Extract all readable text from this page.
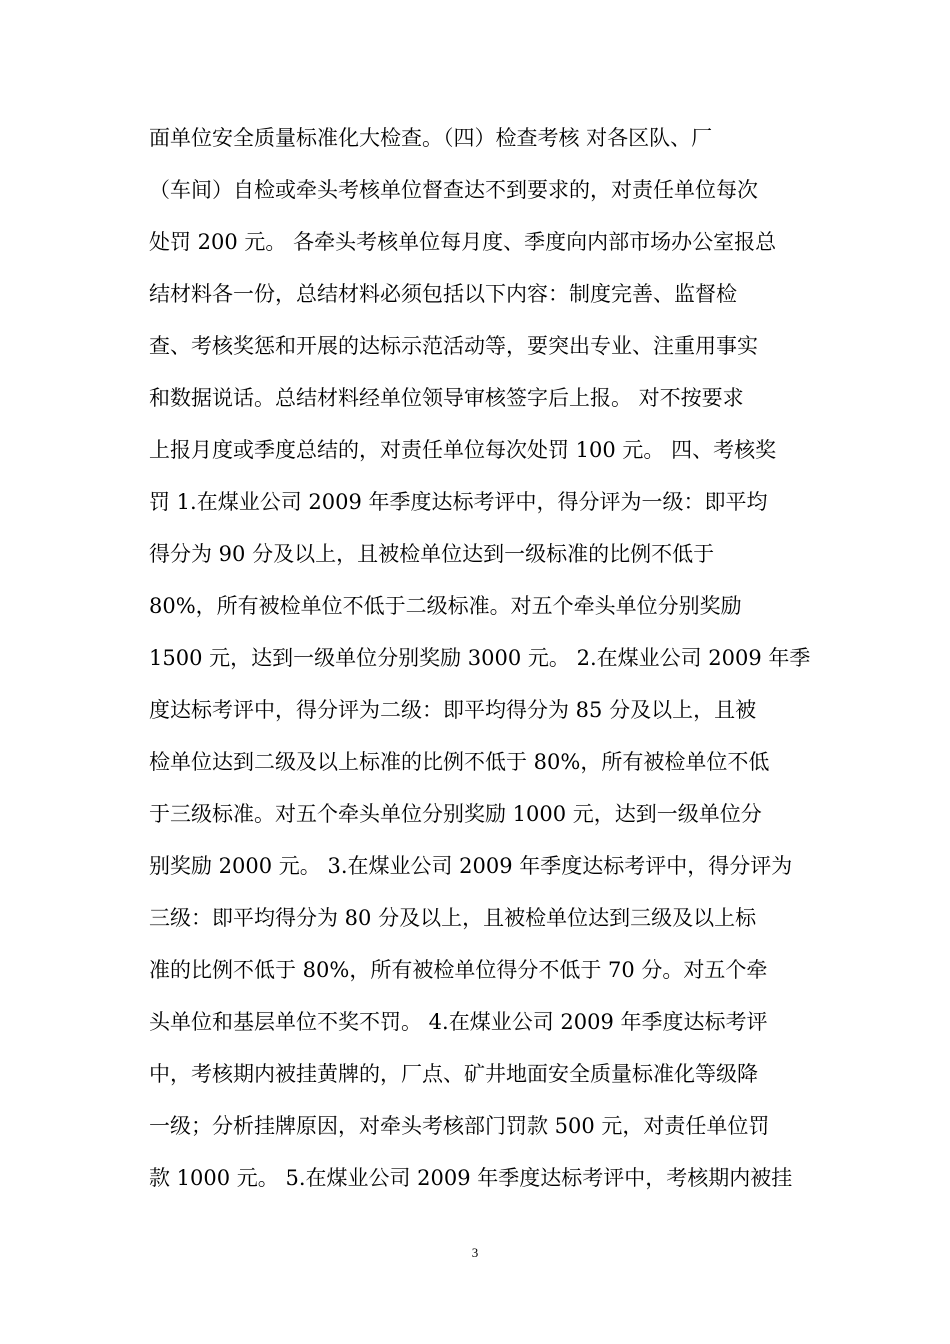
面单位安全质量标准化大检查。（四）检查考核 对各区队、厂
（车间）自检或牵头考核单位督查达不到要求的，对责任单位每次
处罚 200 元。 各牵头考核单位每月度、季度向内部市场办公室报总
结材料各一份，总结材料必须包括以下内容：制度完善、监督检
查、考核奖惩和开展的达标示范活动等，要突出专业、注重用事实
和数据说话。总结材料经单位领导审核签字后上报。 对不按要求
上报月度或季度总结的，对责任单位每次处罚 100 元。 四、考核奖
罚 1.在煤业公司 2009 年季度达标考评中，得分评为一级：即平均
得分为 90 分及以上，且被检单位达到一级标准的比例不低于
80%，所有被检单位不低于二级标准。对五个牵头单位分别奖励
1500 元，达到一级单位分别奖励 3000 元。 2.在煤业公司 2009 年季
度达标考评中，得分评为二级：即平均得分为 85 分及以上，且被
检单位达到二级及以上标准的比例不低于 80%，所有被检单位不低
于三级标准。对五个牵头单位分别奖励 1000 元，达到一级单位分
别奖励 2000 元。 3.在煤业公司 2009 年季度达标考评中，得分评为
三级：即平均得分为 80 分及以上，且被检单位达到三级及以上标
准的比例不低于 80%，所有被检单位得分不低于 70 分。对五个牵
头单位和基层单位不奖不罚。 4.在煤业公司 2009 年季度达标考评
中，考核期内被挂黄牌的，厂点、矿井地面安全质量标准化等级降
一级；分析挂牌原因，对牵头考核部门罚款 500 元，对责任单位罚
款 1000 元。 5.在煤业公司 2009 年季度达标考评中，考核期内被挂
3
